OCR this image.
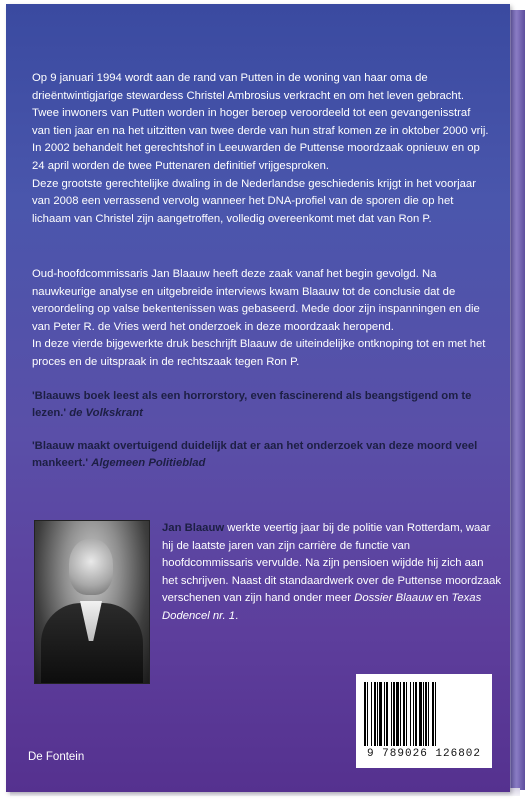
Op 9 januari 1994 wordt aan de rand van Putten in de woning van haar oma de drieëntwintigjarige stewardess Christel Ambrosius verkracht en om het leven gebracht.

Twee inwoners van Putten worden in hoger beroep veroordeeld tot een gevangenisstraf van tien jaar en na het uitzitten van twee derde van hun straf komen ze in oktober 2000 vrij.

In 2002 behandelt het gerechtshof in Leeuwarden de Puttense moordzaak opnieuw en op 24 april worden de twee Puttenaren definitief vrijgesproken.

Deze grootste gerechtelijke dwaling in de Nederlandse geschiedenis krijgt in het voorjaar van 2008 een verrassend vervolg wanneer het DNA-profiel van de sporen die op het lichaam van Christel zijn aangetroffen, volledig overeenkomt met dat van Ron P.

Oud-hoofdcommissaris Jan Blaauw heeft deze zaak vanaf het begin gevolgd. Na nauwkeurige analyse en uitgebreide interviews kwam Blaauw tot de conclusie dat de veroordeling op valse bekentenissen was gebaseerd. Mede door zijn inspanningen en die van Peter R. de Vries werd het onderzoek in deze moordzaak heropend.

In deze vierde bijgewerkte druk beschrijft Blaauw de uiteindelijke ontknoping tot en met het proces en de uitspraak in de rechtszaak tegen Ron P.

'Blaauws boek leest als een horrorstory, even fascinerend als beangstigend om te lezen.' de Volkskrant
'Blaauw maakt overtuigend duidelijk dat er aan het onderzoek van deze moord veel mankeert.' Algemeen Politieblad
Jan Blaauw werkte veertig jaar bij de politie van Rotterdam, waar hij de laatste jaren van zijn carrière de functie van hoofdcommissaris vervulde. Na zijn pensioen wijdde hij zich aan het schrijven. Naast dit standaardwerk over de Puttense moordzaak verschenen van zijn hand onder meer Dossier Blaauw en Texas Dodencel nr. 1.
9 789026 126802
De Fontein
